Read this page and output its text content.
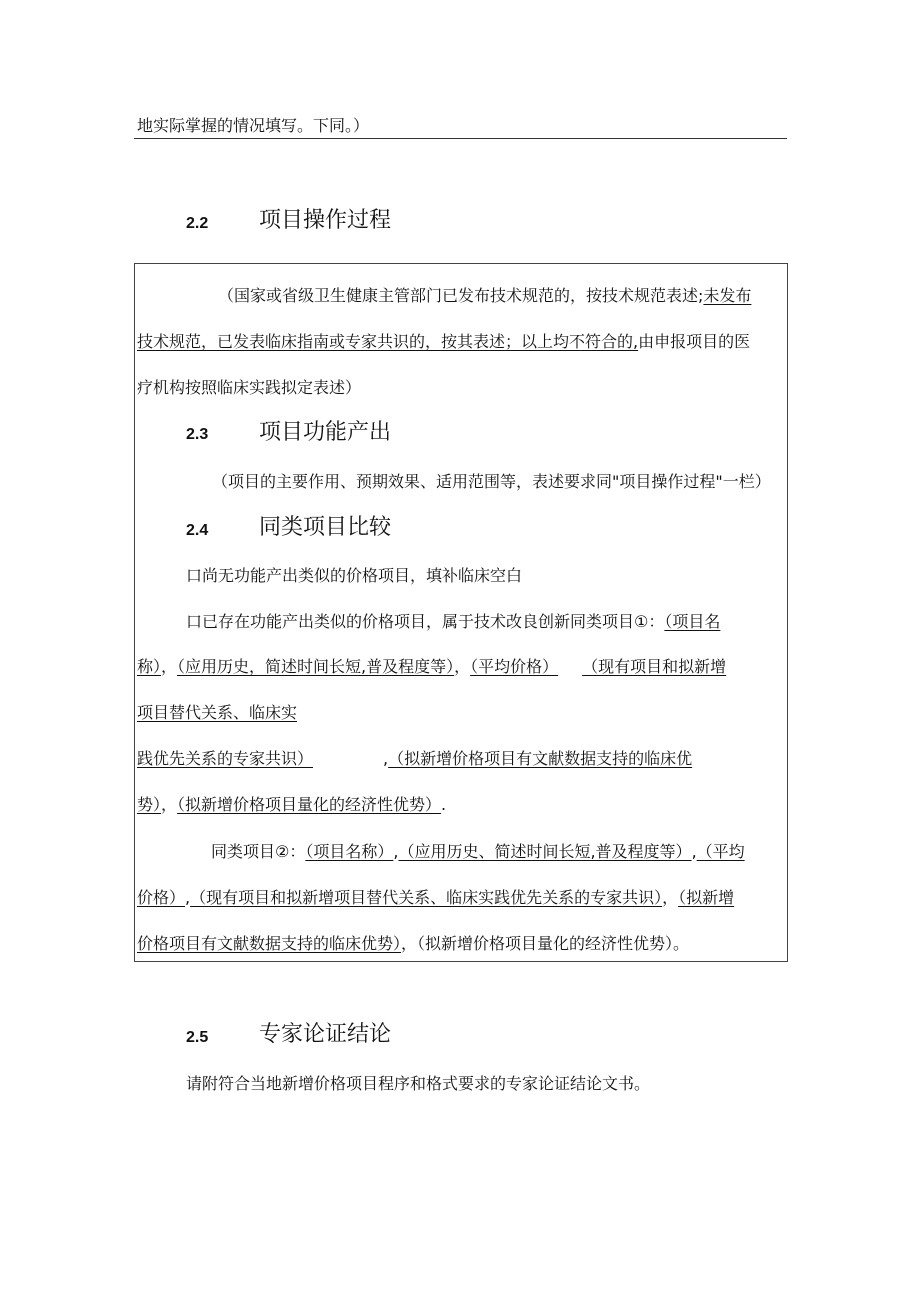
地实际掌握的情况填写。下同。）
2.2 项目操作过程
（国家或省级卫生健康主管部门已发布技术规范的，按技术规范表述;未发布
技术规范，已发表临床指南或专家共识的，按其表述；以上均不符合的,由申报项目的医
疗机构按照临床实践拟定表述）
2.3 项目功能产出
（项目的主要作用、预期效果、适用范围等，表述要求同"项目操作过程"一栏）
2.4 同类项目比较
口尚无功能产出类似的价格项目，填补临床空白
口已存在功能产出类似的价格项目，属于技术改良创新同类项目①：（项目名
称），（应用历史，简述时间长短,普及程度等），（平均价格） （现有项目和拟新增
项目替代关系、临床实
践优先关系的专家共识）	,（拟新增价格项目有文献数据支持的临床优
势），（拟新增价格项目量化的经济性优势）.
同类项目②：（项目名称）,（应用历史、简述时间长短,普及程度等）,（平均
价格）,（现有项目和拟新增项目替代关系、临床实践优先关系的专家共识），（拟新增
价格项目有文献数据支持的临床优势），（拟新增价格项目量化的经济性优势）。
2.5 专家论证结论
请附符合当地新增价格项目程序和格式要求的专家论证结论文书。
